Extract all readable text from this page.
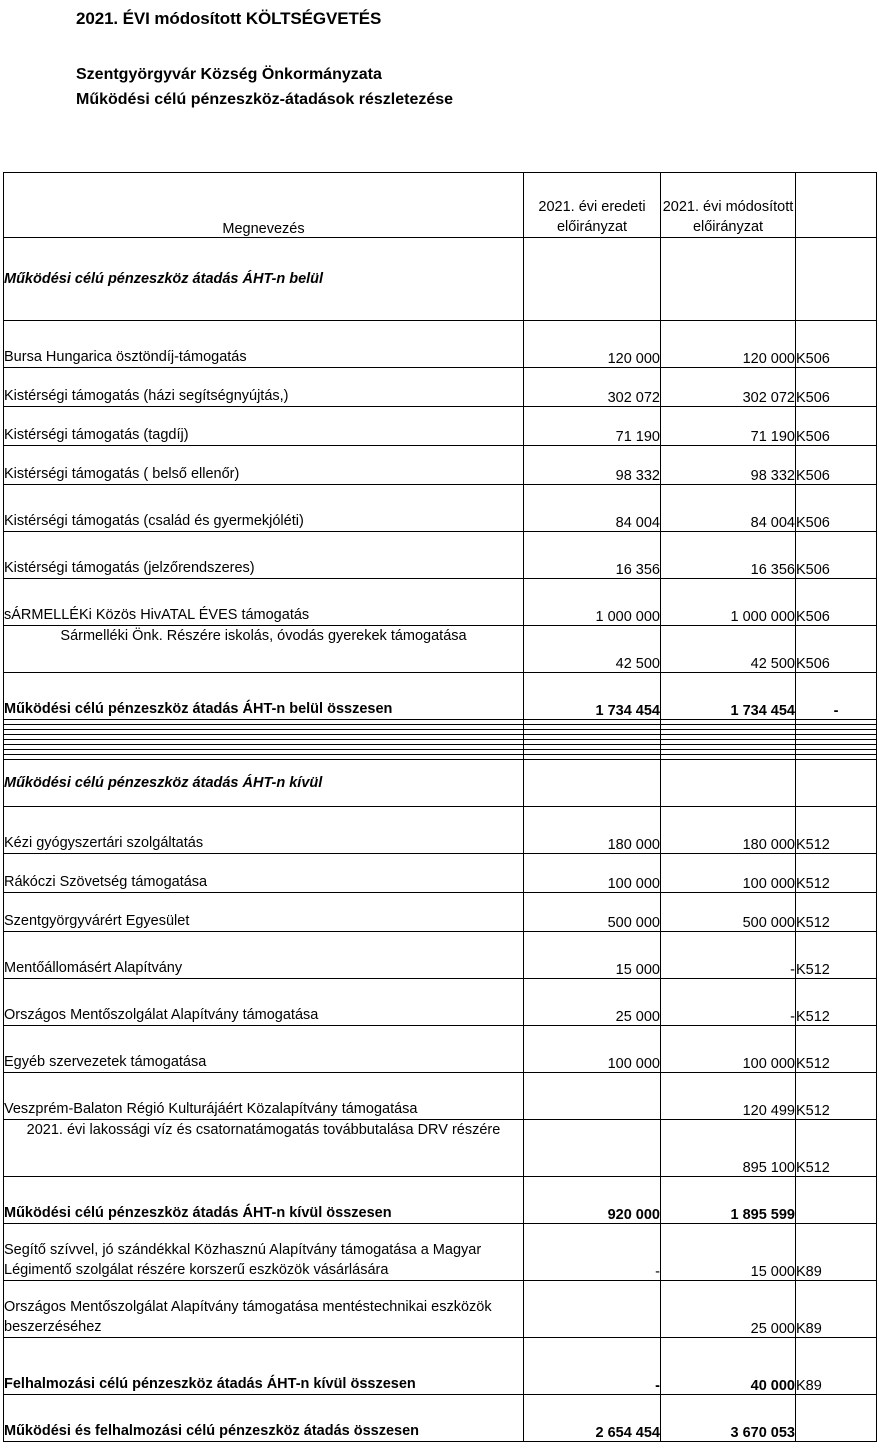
2021. ÉVI módosított KÖLTSÉGVETÉS
Szentgyörgyvár Község Önkormányzata
Működési célú pénzeszköz-átadások részletezése
Megnevezés	2021. évi eredeti előirányzat	2021. évi módosított előirányzat	
Működési célú pénzeszköz átadás ÁHT-n belül			
Bursa Hungarica ösztöndíj-támogatás	120 000	120 000	K506
Kistérségi támogatás (házi segítségnyújtás,)	302 072	302 072	K506
Kistérségi támogatás (tagdíj)	71 190	71 190	K506
Kistérségi támogatás ( belső ellenőr)	98 332	98 332	K506
Kistérségi támogatás (család és gyermekjóléti)	84 004	84 004	K506
Kistérségi támogatás (jelzőrendszeres)	16 356	16 356	K506
sÁRMELLÉKi Közös HivATAL ÉVES támogatás	1 000 000	1 000 000	K506
Sármelléki Önk. Részére iskolás, óvodás gyerekek támogatása	42 500	42 500	K506
Működési célú pénzeszköz átadás ÁHT-n belül összesen	1 734 454	1 734 454	-

Működési célú pénzeszköz átadás ÁHT-n kívül			
Kézi gyógyszertári szolgáltatás	180 000	180 000	K512
Rákóczi Szövetség támogatása	100 000	100 000	K512
Szentgyörgyvárért Egyesület	500 000	500 000	K512
Mentőállomásért Alapítvány	15 000	-	K512
Országos Mentőszolgálat Alapítvány támogatása	25 000	-	K512
Egyéb szervezetek támogatása	100 000	100 000	K512
Veszprém-Balaton Régió Kulturájáért Közalapítvány támogatása		120 499	K512
2021. évi lakossági víz és csatornatámogatás továbbutalása DRV részére		895 100	K512
Működési célú pénzeszköz átadás ÁHT-n kívül összesen	920 000	1 895 599	
Segítő szívvel, jó szándékkal Közhasznú Alapítvány támogatása a Magyar Légimentő szolgálat részére korszerű eszközök vásárlására	-	15 000	K89
Országos Mentőszolgálat Alapítvány támogatása mentéstechnikai eszközök beszerzéséhez		25 000	K89
Felhalmozási célú pénzeszköz átadás ÁHT-n kívül összesen	-	40 000	K89
Működési és felhalmozási célú pénzeszköz átadás összesen	2 654 454	3 670 053	
